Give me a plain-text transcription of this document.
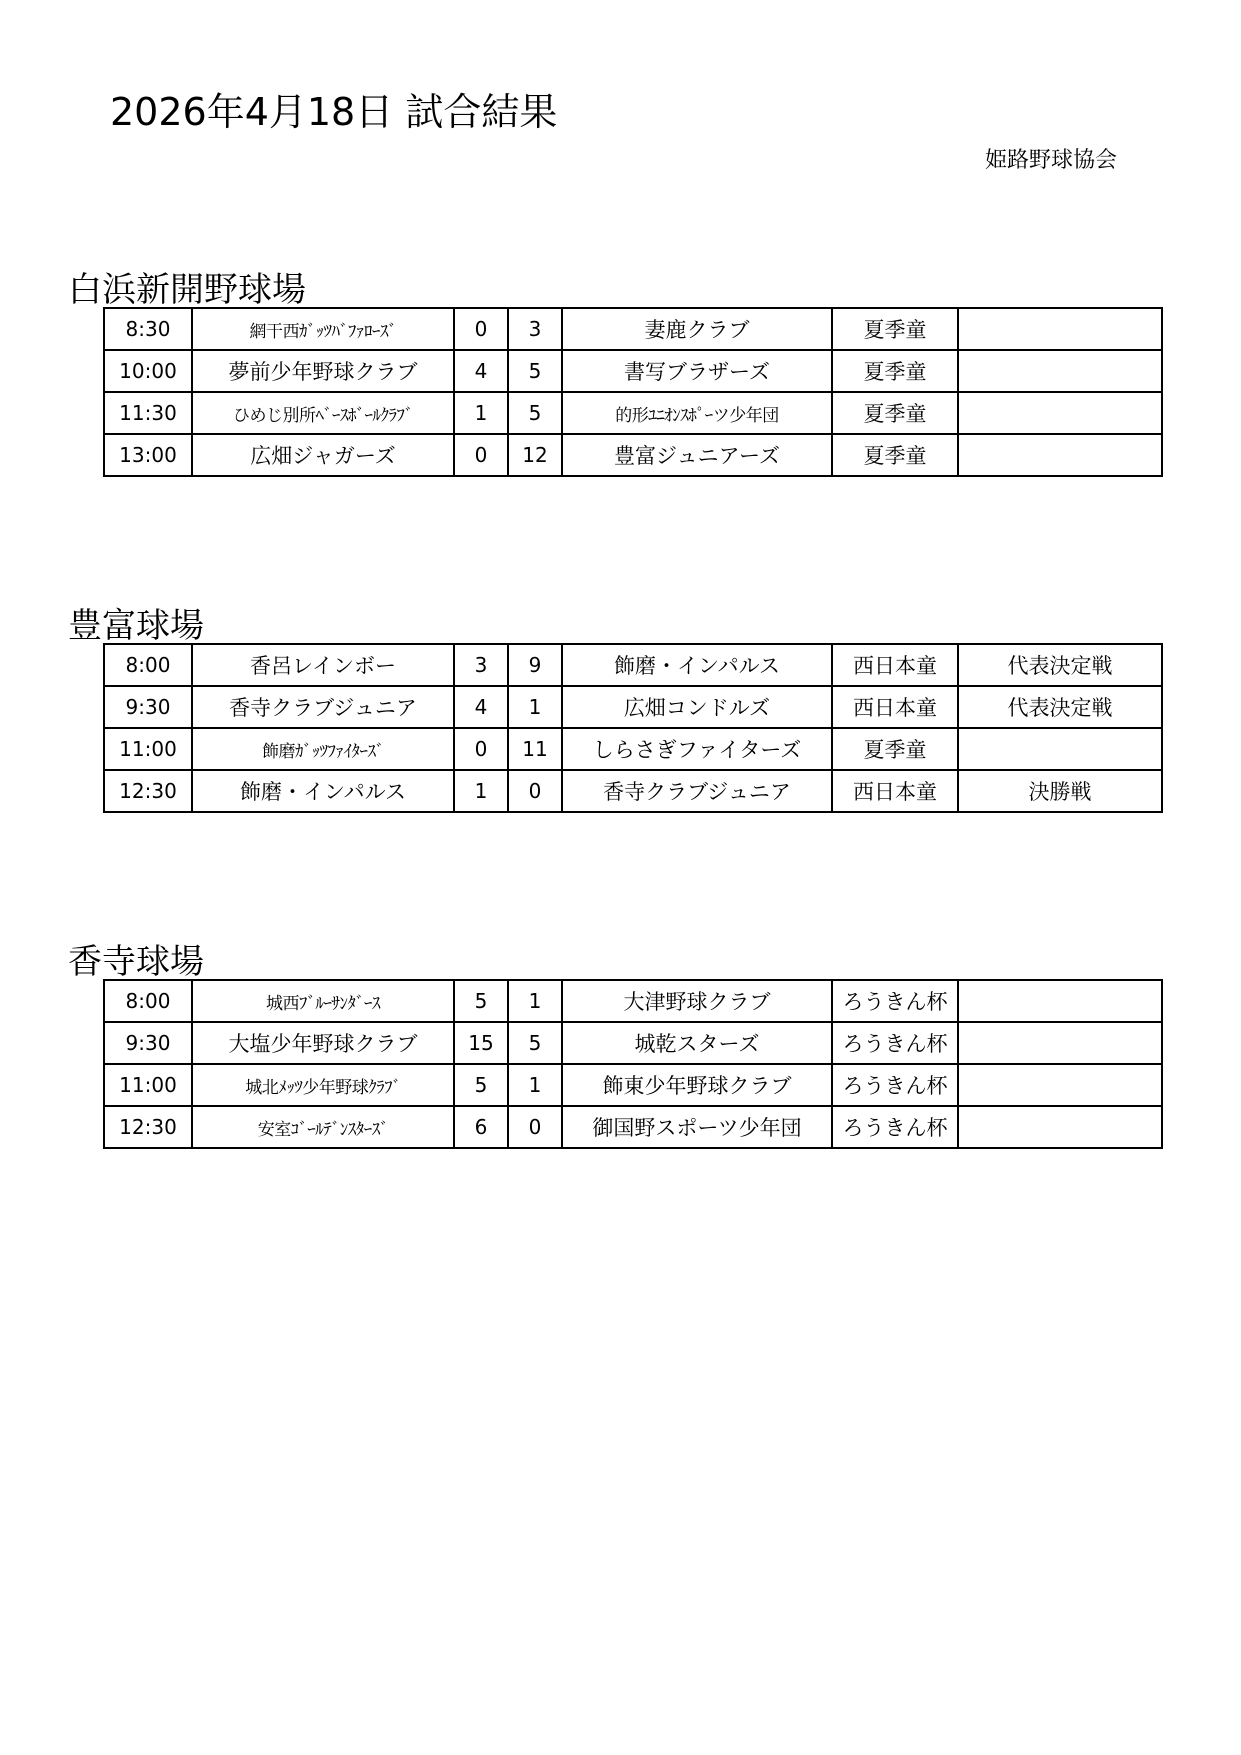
2026年4月18日 試合結果
姫路野球協会
白浜新開野球場
8:30	網干西ｶﾞｯﾂﾊﾞﾌｧﾛｰｽﾞ	0	3	妻鹿クラブ	夏季童	
10:00	夢前少年野球クラブ	4	5	書写ブラザーズ	夏季童	
11:30	ひめじ別所ﾍﾞｰｽﾎﾞｰﾙｸﾗﾌﾞ	1	5	的形ﾕﾆｵﾝｽﾎﾟｰツ少年団	夏季童	
13:00	広畑ジャガーズ	0	12	豊富ジュニアーズ	夏季童	
豊富球場
8:00	香呂レインボー	3	9	飾磨・インパルス	西日本童	代表決定戦
9:30	香寺クラブジュニア	4	1	広畑コンドルズ	西日本童	代表決定戦
11:00	飾磨ｶﾞｯﾂﾌｧｲﾀｰｽﾞ	0	11	しらさぎファイターズ	夏季童	
12:30	飾磨・インパルス	1	0	香寺クラブジュニア	西日本童	決勝戦
香寺球場
8:00	城西ﾌﾞﾙｰｻﾝﾀﾞｰｽ	5	1	大津野球クラブ	ろうきん杯	
9:30	大塩少年野球クラブ	15	5	城乾スターズ	ろうきん杯	
11:00	城北ﾒｯﾂ少年野球ｸﾗﾌﾞ	5	1	飾東少年野球クラブ	ろうきん杯	
12:30	安室ｺﾞｰﾙﾃﾞﾝｽﾀｰｽﾞ	6	0	御国野スポーツ少年団	ろうきん杯	
